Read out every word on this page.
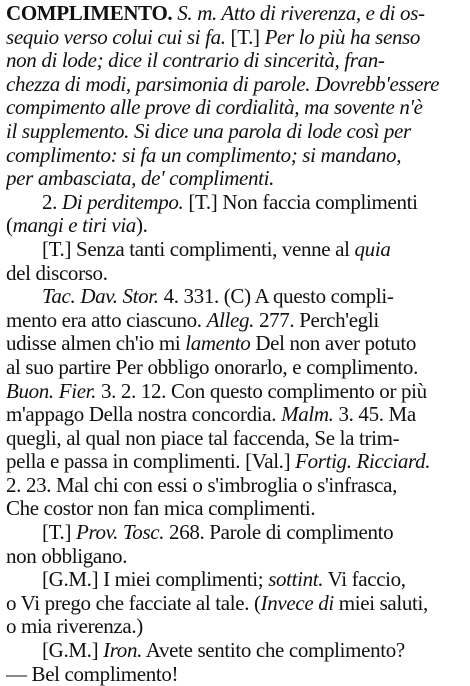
COMPLIMENTO. S. m. Atto di riverenza, e di os-
sequio verso colui cui si fa. [T.] Per lo più ha senso
non di lode; dice il contrario di sincerità, fran-
chezza di modi, parsimonia di parole. Dovrebb'essere
compimento alle prove di cordialità, ma sovente n'è
il supplemento. Si dice una parola di lode così per
complimento: si fa un complimento; si mandano,
per ambasciata, de' complimenti.
2. Di perditempo. [T.] Non faccia complimenti
(mangi e tiri via).
[T.] Senza tanti complimenti, venne al quia
del discorso.
Tac. Dav. Stor. 4. 331. (C) A questo compli-
mento era atto ciascuno. Alleg. 277. Perch'egli
udisse almen ch'io mi lamento Del non aver potuto
al suo partire Per obbligo onorarlo, e complimento.
Buon. Fier. 3. 2. 12. Con questo complimento or più
m'appago Della nostra concordia. Malm. 3. 45. Ma
quegli, al qual non piace tal faccenda, Se la trim-
pella e passa in complimenti. [Val.] Fortig. Ricciard.
2. 23. Mal chi con essi o s'imbroglia o s'infrasca,
Che costor non fan mica complimenti.
[T.] Prov. Tosc. 268. Parole di complimento
non obbligano.
[G.M.] I miei complimenti; sottint. Vi faccio,
o Vi prego che facciate al tale. (Invece di miei saluti,
o mia riverenza.)
[G.M.] Iron. Avete sentito che complimento?
— Bel complimento!
